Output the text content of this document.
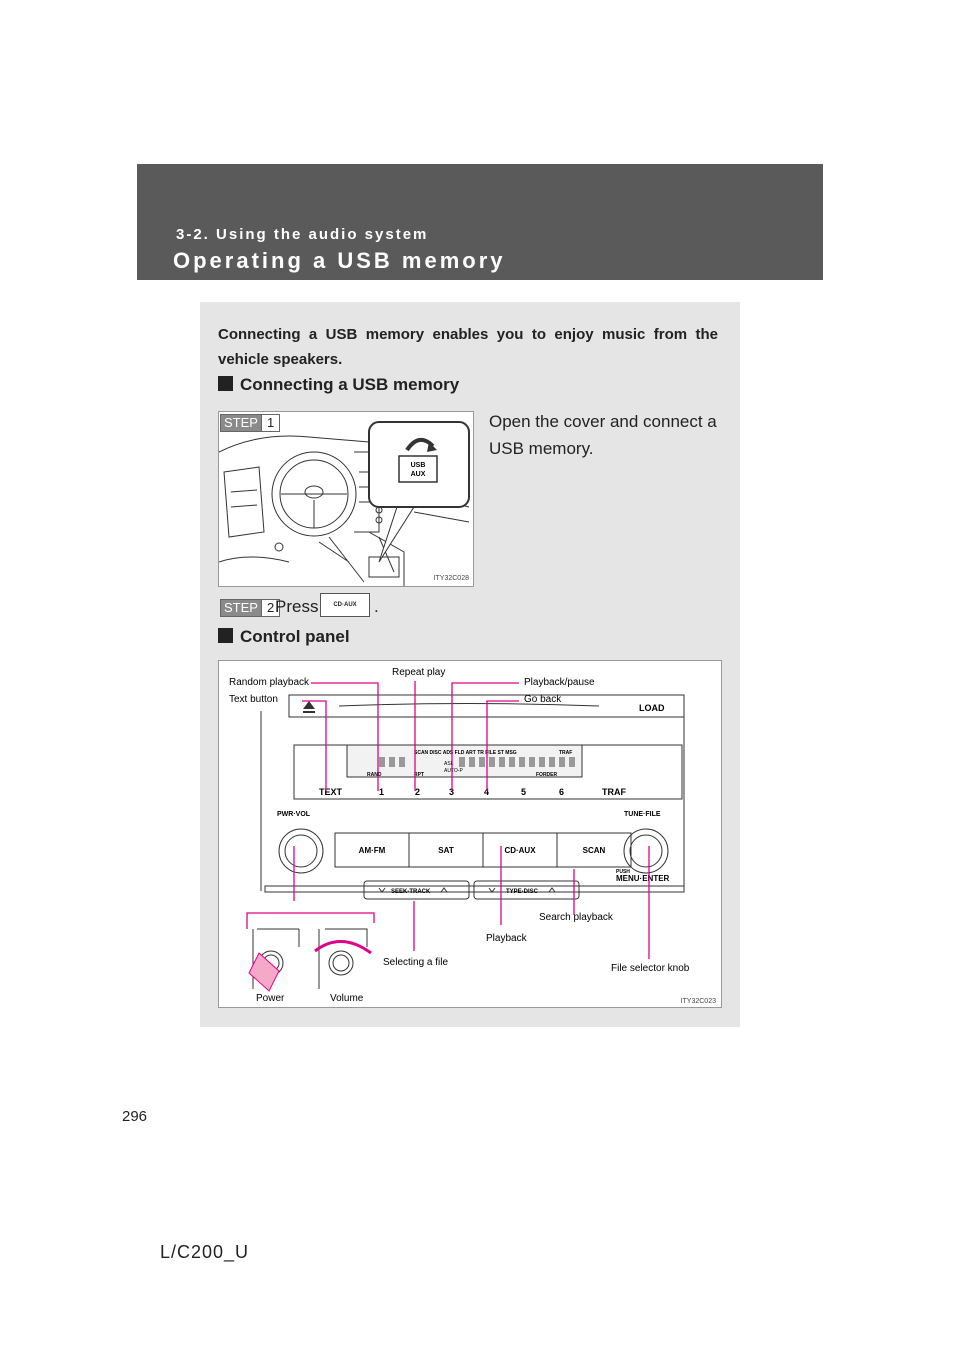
3-2. Using the audio system
Operating a USB memory
Connecting a USB memory enables you to enjoy music from the vehicle speakers.
Connecting a USB memory
USB
AUX
ITY32C028
STEP 1	Open the cover and connect a USB memory.
STEP 2 Press	CD·AUX	.
Control panel
LOAD
SCAN DISC ADS FLD ART TR FILE ST MSG	TRAF
ASL
AUTO-P
RAND	RPT	FORDER
TEXT	1	2	3	4	5	6	TRAF
PWR·VOL	TUNE·FILE
AM·FM	SAT	CD·AUX	SCAN
PUSH
MENU·ENTER
SEEK·TRACK	TYPE·DISC
Random playback
Repeat play
Playback/pause
Text button	Go back
Search playback
Playback
Selecting a file
File selector knob
Power	Volume	ITY32C023
296
L/C200_U
